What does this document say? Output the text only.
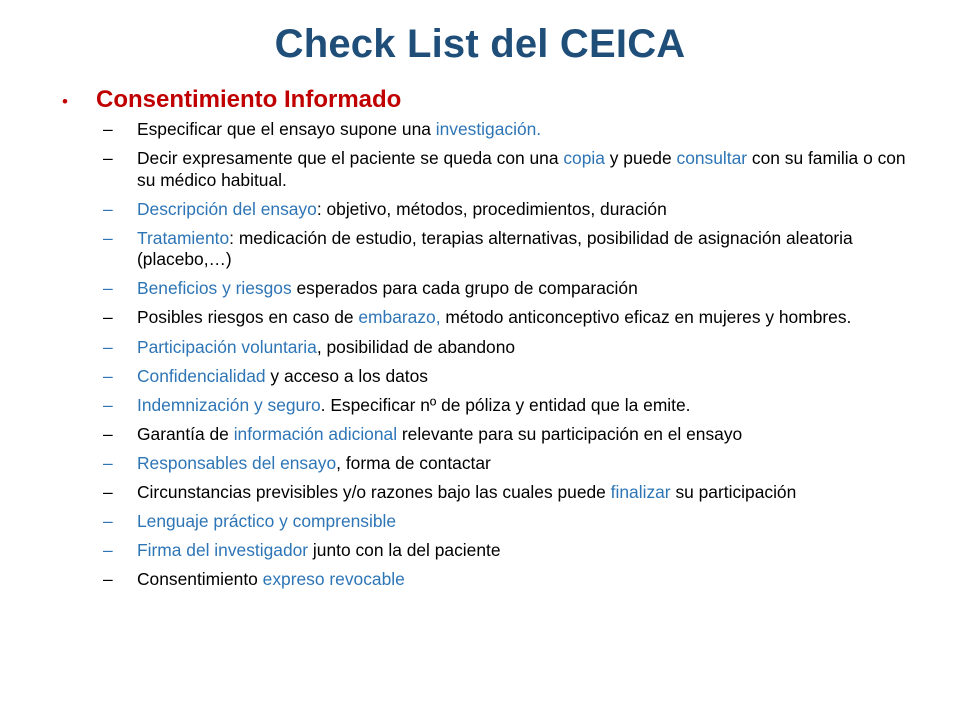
Check List del CEICA
•	Consentimiento Informado
–	Especificar que el ensayo supone una investigación.
–	Decir expresamente que el paciente se queda con una copia y puede consultar con su familia o con su médico habitual.
–	Descripción del ensayo: objetivo, métodos, procedimientos, duración
–	Tratamiento: medicación de estudio, terapias alternativas, posibilidad de asignación aleatoria (placebo,…)
–	Beneficios y riesgos esperados para cada grupo de comparación
–	Posibles riesgos en caso de embarazo, método anticonceptivo eficaz en mujeres y hombres.
–	Participación voluntaria, posibilidad de abandono
–	Confidencialidad y acceso a los datos
–	Indemnización y seguro. Especificar nº de póliza y entidad que la emite.
–	Garantía de información adicional relevante para su participación en el ensayo
–	Responsables del ensayo, forma de contactar
–	Circunstancias previsibles y/o razones bajo las cuales puede finalizar su participación
–	Lenguaje práctico y comprensible
–	Firma del investigador junto con la del paciente
–	Consentimiento expreso revocable
